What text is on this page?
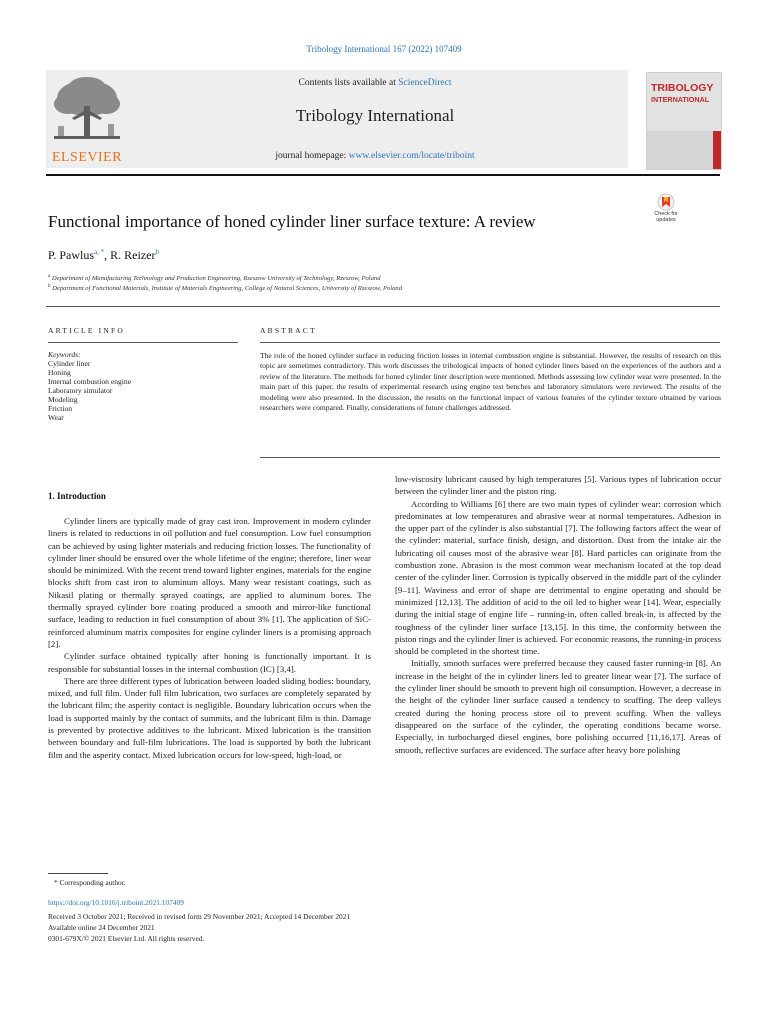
Tribology International 167 (2022) 107409
ELSEVIER
Contents lists available at ScienceDirect
Tribology International
journal homepage: www.elsevier.com/locate/triboint
TRIBOLOGY
INTERNATIONAL
Functional importance of honed cylinder liner surface texture: A review	Check for updates
P. Pawlus$^{a, *}$, R. Reizer$^b$
$^a$ Department of Manufacturing Technology and Production Engineering, Rzeszow University of Technology, Rzeszow, Poland
$^b$ Department of Functional Materials, Institute of Materials Engineering, College of Natural Sciences, University of Rzeszow, Poland
ARTICLE INFO	ABSTRACT
Keywords:
Cylinder liner
Honing
Internal combustion engine
Laboratory simulator
Modeling
Friction
Wear
The role of the honed cylinder surface in reducing friction losses in internal combustion engine is substantial. However, the results of research on this topic are sometimes contradictory. This work discusses the tribological impacts of honed cylinder liners based on the experiences of the authors and a review of the literature. The methods for honed cylinder liner description were mentioned. Methods assessing low cylinder wear were presented. In the main part of this paper, the results of experimental research using engine test benches and laboratory simulators were reviewed. The results of the modeling were also presented. In the discussion, the results on the functional impact of various features of the cylinder texture obtained by various researchers were compared. Finally, considerations of future challenges addressed.
1. Introduction

Cylinder liners are typically made of gray cast iron. Improvement in modern cylinder liners is related to reductions in oil pollution and fuel consumption. Low fuel consumption can be achieved by using lighter materials and reducing friction losses. The functionality of cylinder liner should be ensured over the whole lifetime of the engine; therefore, liner wear should be minimized. With the recent trend toward lighter engines, materials for the engine blocks shift from cast iron to aluminum alloys. Many wear resistant coatings, such as Nikasil plating or thermally sprayed coatings, are applied to aluminum bores. The thermally sprayed cylinder bore coating produced a smooth and mirror-like functional surface, leading to reduction in fuel consumption of about 3% [1]. The application of SiC-reinforced aluminum matrix composites for engine cylinder liners is a promising approach [2].

Cylinder surface obtained typically after honing is functionally important. It is responsible for substantial losses in the internal combustion (IC) [3,4].

There are three different types of lubrication between loaded sliding bodies: boundary, mixed, and full film. Under full film lubrication, two surfaces are completely separated by the lubricant film; the asperity contact is negligible. Boundary lubrication occurs when the load is supported mainly by the contact of summits, and the lubricant film is thin. Damage is prevented by protective additives to the lubricant. Mixed lubrication is the transition between boundary and full-film lubrications. The load is supported by both the lubricant film and the asperity contact. Mixed lubrication occurs for low-speed, high-load, or

low-viscosity lubricant caused by high temperatures [5]. Various types of lubrication occur between the cylinder liner and the piston ring.

According to Williams [6] there are two main types of cylinder wear: corrosion which predominates at low temperatures and abrasive wear at normal temperatures. Adhesion in the upper part of the cylinder is also substantial [7]. The following factors affect the wear of the cylinder: material, surface finish, design, and distortion. Dust from the intake air the lubricating oil causes most of the abrasive wear [8]. Hard particles can originate from the combustion zone. Abrasion is the most common wear mechanism located at the top dead center of the cylinder liner. Corrosion is typically observed in the middle part of the cylinder [9–11]. Waviness and error of shape are detrimental to engine operating and should be minimized [12,13]. The addition of acid to the oil led to higher wear [14]. Wear, especially during the initial stage of engine life – running-in, often called break-in, is affected by the roughness of the cylinder liner surface [13,15]. In this time, the conformity between the piston rings and the cylinder liner is achieved. For economic reasons, the running-in process should be completed in the shortest time.

Initially, smooth surfaces were preferred because they caused faster running-in [8]. An increase in the height of the in cylinder liners led to greater linear wear [7]. The surface of the cylinder liner should be smooth to prevent high oil consumption. However, a decrease in the height of the cylinder liner surface caused a tendency to scuffing. The deep valleys created during the honing process store oil to prevent scuffing. When the valleys disappeared on the surface of the cylinder, the operating conditions became worse. Especially, in turbocharged diesel engines, bore polishing occurred [11,16,17]. Areas of smooth, reflective surfaces are evidenced. The surface after heavy bore polishing

* Corresponding author.
https://doi.org/10.1016/j.triboint.2021.107409
Received 3 October 2021; Received in revised form 29 November 2021; Accepted 14 December 2021
Available online 24 December 2021
0301-679X/© 2021 Elsevier Ltd. All rights reserved.
